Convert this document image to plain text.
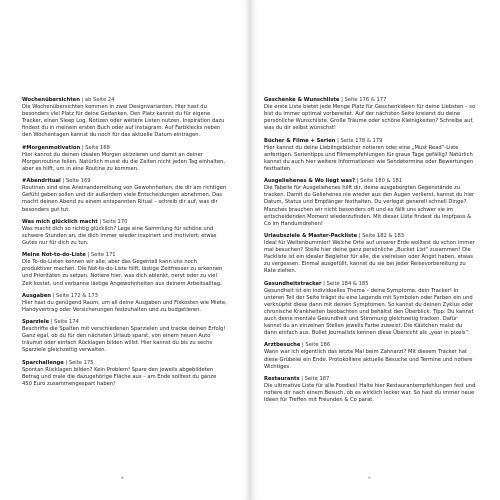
Wochenübersichten | ab Seite 24

Die Wochenübersichten kommen in zwei Designvarianten. Hier hast du besonders viel Platz für deine Gedanken. Den Platz kannst du für eigene Tracker, einen Sleep Log, Notizen oder weitere Listen nutzen. Inspiration dazu findest du in meinem ersten Buch oder auf Instagram. Auf Farbklecks neben den Wochentagen kannst du noch für das aktuelle Datum eintragen.

#Morgenmotivation | Seite 168

Hier kannst du deinen idealen Morgen skizzieren und damit an deiner Morgenroutine feilen. Natürlich musst du die Zeiten nicht jeden Tag einhalten, aber es hilft, um in eine Routine zu kommen.

#Abendritual | Seite 169

Routinen sind eine Aneinanderreihung von Gewohnheiten, die dir am richtigen Gefühl geben sollen und dir außerdem viele Entscheidungen abnehmen. Das macht deinen Abend zu einem entspannten Ritual – schreib dir auf, was dir besonders gut tut.

Was mich glücklich macht | Seite 170

Was macht dich so richtig glücklich? Lege eine Sammlung für schöne und schwere Stunden an, die dich immer wieder inspiriert und motiviert, etwas Gutes nur für dich zu tun.

Meine Not-to-do-Liste | Seite 171

Die To-do-Listen kennen wir alle, aber das Gegenteil kann uns noch produktiver machen. Die Not-to-do-Liste hilft, lästige Zeitfresser zu erkennen und Prioritäten zu setzen. Notiere hier, was dich ablenkt, nervt oder zu viel Zeit kostet, und verbanne lästige Angewohnheiten aus deinem Arbeitsalltag.

Ausgaben | Seite 172 & 173

Hier hast du genügend Raum, um all deine Ausgaben und Fixkosten wie Miete, Handyvertrag oder Versicherungen festzuhalten und zu budgetieren.

Sparziele | Seite 174

Beschrifte die Spalten mit verschiedenen Sparzielen und tracke deinen Erfolg! Ganz egal, ob du für den nächsten Urlaub sparst, von einem neuen Auto träumst oder einfach Rücklagen bilden willst. Hier kannst du bis zu sechs Sparziele gleichzeitig verwalten.

Sparchallenge | Seite 175

Spontan Rücklagen bilden? Kein Problem! Spare den jeweils abgebildeten Betrag und male die dazugehörige Fläche aus – am Ende solltest du ganze 450 Euro zusammengespart haben!

8
Geschenke & Wunschliste | Seite 176 & 177

Die erste Liste bietet jede Menge Platz für Geschenkideen für deine Liebsten – so bist du immer optimal vorbereitet. Auf der nächsten Seite kreierst du deine persönliche Wunschliste. Große Träume oder schöne Kleinigkeiten? Schreibe auf, was du dir selbst wünschst!

Bücher & Filme + Serien | Seite 178 & 179

Hier kannst du deine Lieblingsbücher notieren oder eine „Must Read“-Liste anfertigen. Serientipps und Filmempfehlungen für graue Tage gefällig? Natürlich kannst du auch hier weitere Informationen wie Sendetermine oder Bewertungen festhalten.

Ausgeliehenes & Wo liegt was? | Seite 180 & 181

Die Tabelle für Ausgeliehenes hilft dir, deine ausgeborgten Gegenstände zu tracken. Damit du Geliehenes nie wieder aus den Augen verlierst, kannst du hier Datum, Status und Empfänger festhalten. Du verlegst generell schnell Dinge? Manches brauchen wir nicht besonders oft und es fällt uns schwer sie im entscheidenden Moment wiederzufinden. Mit dieser Liste findest du Impfpass & Co im Handumdrehen!

Urlaubsziele & Master-Packliste | Seite 182 & 183

Ideal für Weltenbummler! Welche Orte auf unserer Erde wolltest du schon immer mal besuchen? Stelle hier deine ganz persönliche „Bucket List“ zusammen! Die Packliste ist ein idealer Begleiter für alle, die vielreisen oder Angst haben, etwas zu vergessen. Einmal ausgefüllt, kannst du sie bei jeder Reisevorbereitung zu Rate ziehen.

Gesundheitstracker | Seite 184 & 185

Gesundheit ist ein individuelles Thema – deine Symptome, dein Tracker! In unteren Teil der Seite trägst du eine Legende mit Symbolen oder Farben ein und verknüpfst diese dann mit deinen Symptomen. So kannst du deinen Zyklus oder chronische Krankheiten beobachten und behältst den Überblick. Tipp: Du kannst auch deine mentale Gesundheit und Stimmung gleichzeitig tracken. Dafür kannst du an einzelnen Stellen jeweils Farbe zuweist. Die Kästchen malst du dann einfach aus. Bullet Journalists kennen diese Übersicht als „year in pixels“.

Arztbesuche | Seite 186

Wann war ich eigentlich das letzte Mal beim Zahnarzt? Mit diesem Tracker hat diese Grübelei ein Ende. Protokolliere aktuelle Besuche und Termine und notiere Wichtiges.

Restaurants | Seite 187

Die ultimative Liste für alle Foodies! Halte hier Restaurantempfehlungen fest und notiere dir nach einem Besuch, ob es wirklich lecker war. So hast du immer neue Ideen für Treffen mit Freunden & Co parat.

9
